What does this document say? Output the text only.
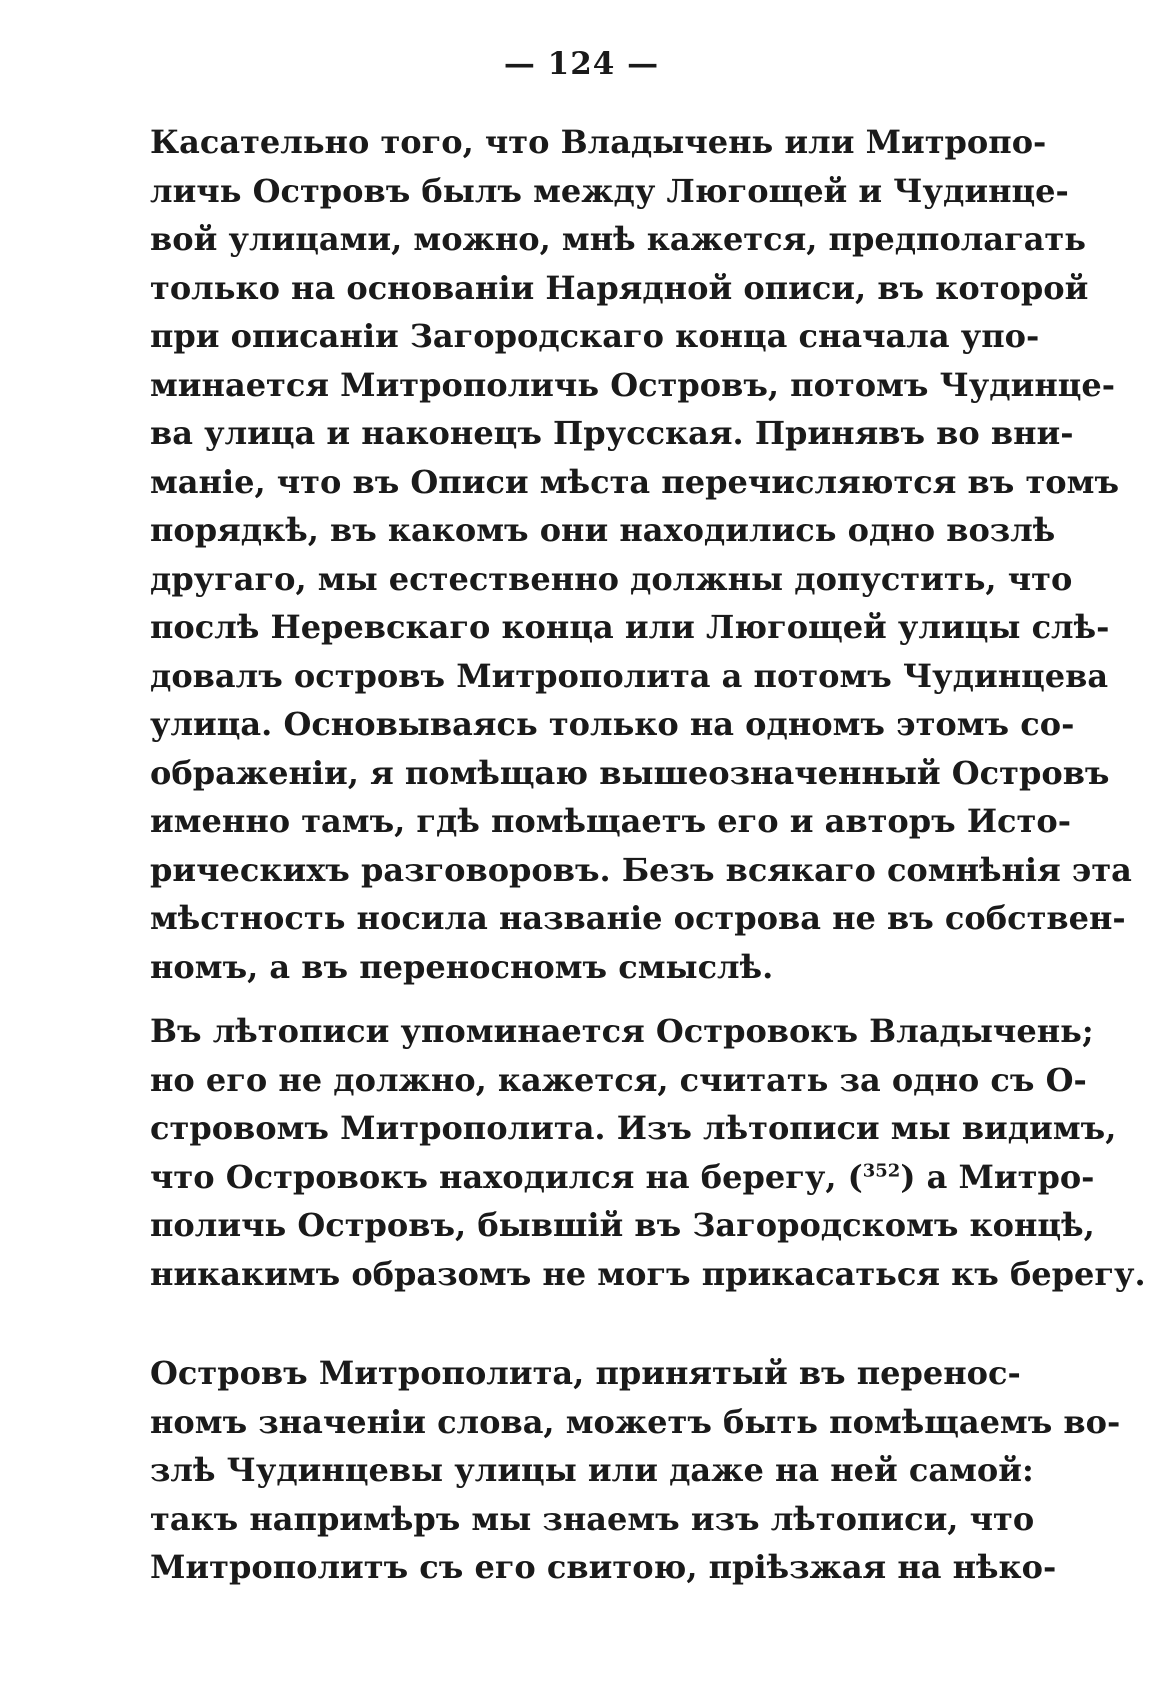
— 124 —
Касательно того, что Владычень или Митропо-
личь Островъ былъ между Люгощей и Чудинце-
вой улицами, можно, мнѣ кажется, предполагать
только на основаніи Нарядной описи, въ которой
при описаніи Загородскаго конца сначала упо-
минается Митрополичь Островъ, потомъ Чудинце-
ва улица и наконецъ Прусская. Принявъ во вни-
маніе, что въ Описи мѣста перечисляются въ томъ
порядкѣ, въ какомъ они находились одно возлѣ
другаго, мы естественно должны допустить, что
послѣ Неревскаго конца или Люгощей улицы слѣ-
довалъ островъ Митрополита а потомъ Чудинцева
улица. Основываясь только на одномъ этомъ со-
ображеніи, я помѣщаю вышеозначенный Островъ
именно тамъ, гдѣ помѣщаетъ его и авторъ Исто-
рическихъ разговоровъ. Безъ всякаго сомнѣнія эта
мѣстность носила названіе острова не въ собствен-
номъ, а въ переносномъ смыслѣ.
Въ лѣтописи упоминается Островокъ Владычень;
но его не должно, кажется, считать за одно съ О-
стровомъ Митрополита. Изъ лѣтописи мы видимъ,
что Островокъ находился на берегу, ($^{352}$) а Митро-
поличь Островъ, бывшій въ Загородскомъ концѣ,
никакимъ образомъ не могъ прикасаться къ берегу.
Островъ Митрополита, принятый въ перенос-
номъ значеніи слова, можетъ быть помѣщаемъ во-
злѣ Чудинцевы улицы или даже на ней самой:
такъ напримѣръ мы знаемъ изъ лѣтописи, что
Митрополитъ съ его свитою, пріѣзжая на нѣко-
